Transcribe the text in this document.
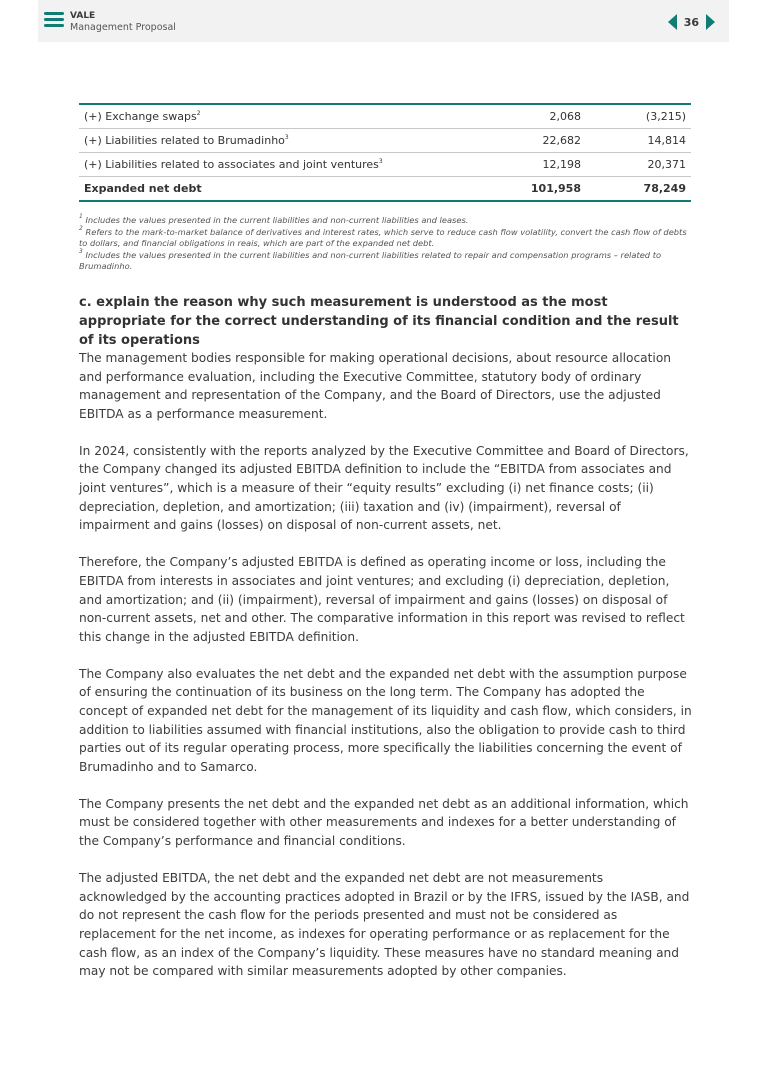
VALE
Management Proposal	36
(+) Exchange swaps$^2$	2,068	(3,215)
(+) Liabilities related to Brumadinho$^3$	22,682	14,814
(+) Liabilities related to associates and joint ventures$^3$	12,198	20,371
Expanded net debt	101,958	78,249

$^1$ Includes the values presented in the current liabilities and non-current liabilities and leases.

$^2$ Refers to the mark-to-market balance of derivatives and interest rates, which serve to reduce cash flow volatility, convert the cash flow of debts to dollars, and financial obligations in reais, which are part of the expanded net debt.

$^3$ Includes the values presented in the current liabilities and non-current liabilities related to repair and compensation programs – related to Brumadinho.

c. explain the reason why such measurement is understood as the most appropriate for the correct understanding of its financial condition and the result of its operations

The management bodies responsible for making operational decisions, about resource allocation and performance evaluation, including the Executive Committee, statutory body of ordinary management and representation of the Company, and the Board of Directors, use the adjusted EBITDA as a performance measurement.

In 2024, consistently with the reports analyzed by the Executive Committee and Board of Directors, the Company changed its adjusted EBITDA definition to include the “EBITDA from associates and joint ventures”, which is a measure of their “equity results” excluding (i) net finance costs; (ii) depreciation, depletion, and amortization; (iii) taxation and (iv) (impairment), reversal of impairment and gains (losses) on disposal of non-current assets, net.

Therefore, the Company’s adjusted EBITDA is defined as operating income or loss, including the EBITDA from interests in associates and joint ventures; and excluding (i) depreciation, depletion, and amortization; and (ii) (impairment), reversal of impairment and gains (losses) on disposal of non-current assets, net and other. The comparative information in this report was revised to reflect this change in the adjusted EBITDA definition.

The Company also evaluates the net debt and the expanded net debt with the assumption purpose of ensuring the continuation of its business on the long term. The Company has adopted the concept of expanded net debt for the management of its liquidity and cash flow, which considers, in addition to liabilities assumed with financial institutions, also the obligation to provide cash to third parties out of its regular operating process, more specifically the liabilities concerning the event of Brumadinho and to Samarco.

The Company presents the net debt and the expanded net debt as an additional information, which must be considered together with other measurements and indexes for a better understanding of the Company’s performance and financial conditions.

The adjusted EBITDA, the net debt and the expanded net debt are not measurements acknowledged by the accounting practices adopted in Brazil or by the IFRS, issued by the IASB, and do not represent the cash flow for the periods presented and must not be considered as replacement for the net income, as indexes for operating performance or as replacement for the cash flow, as an index of the Company’s liquidity. These measures have no standard meaning and may not be compared with similar measurements adopted by other companies.
